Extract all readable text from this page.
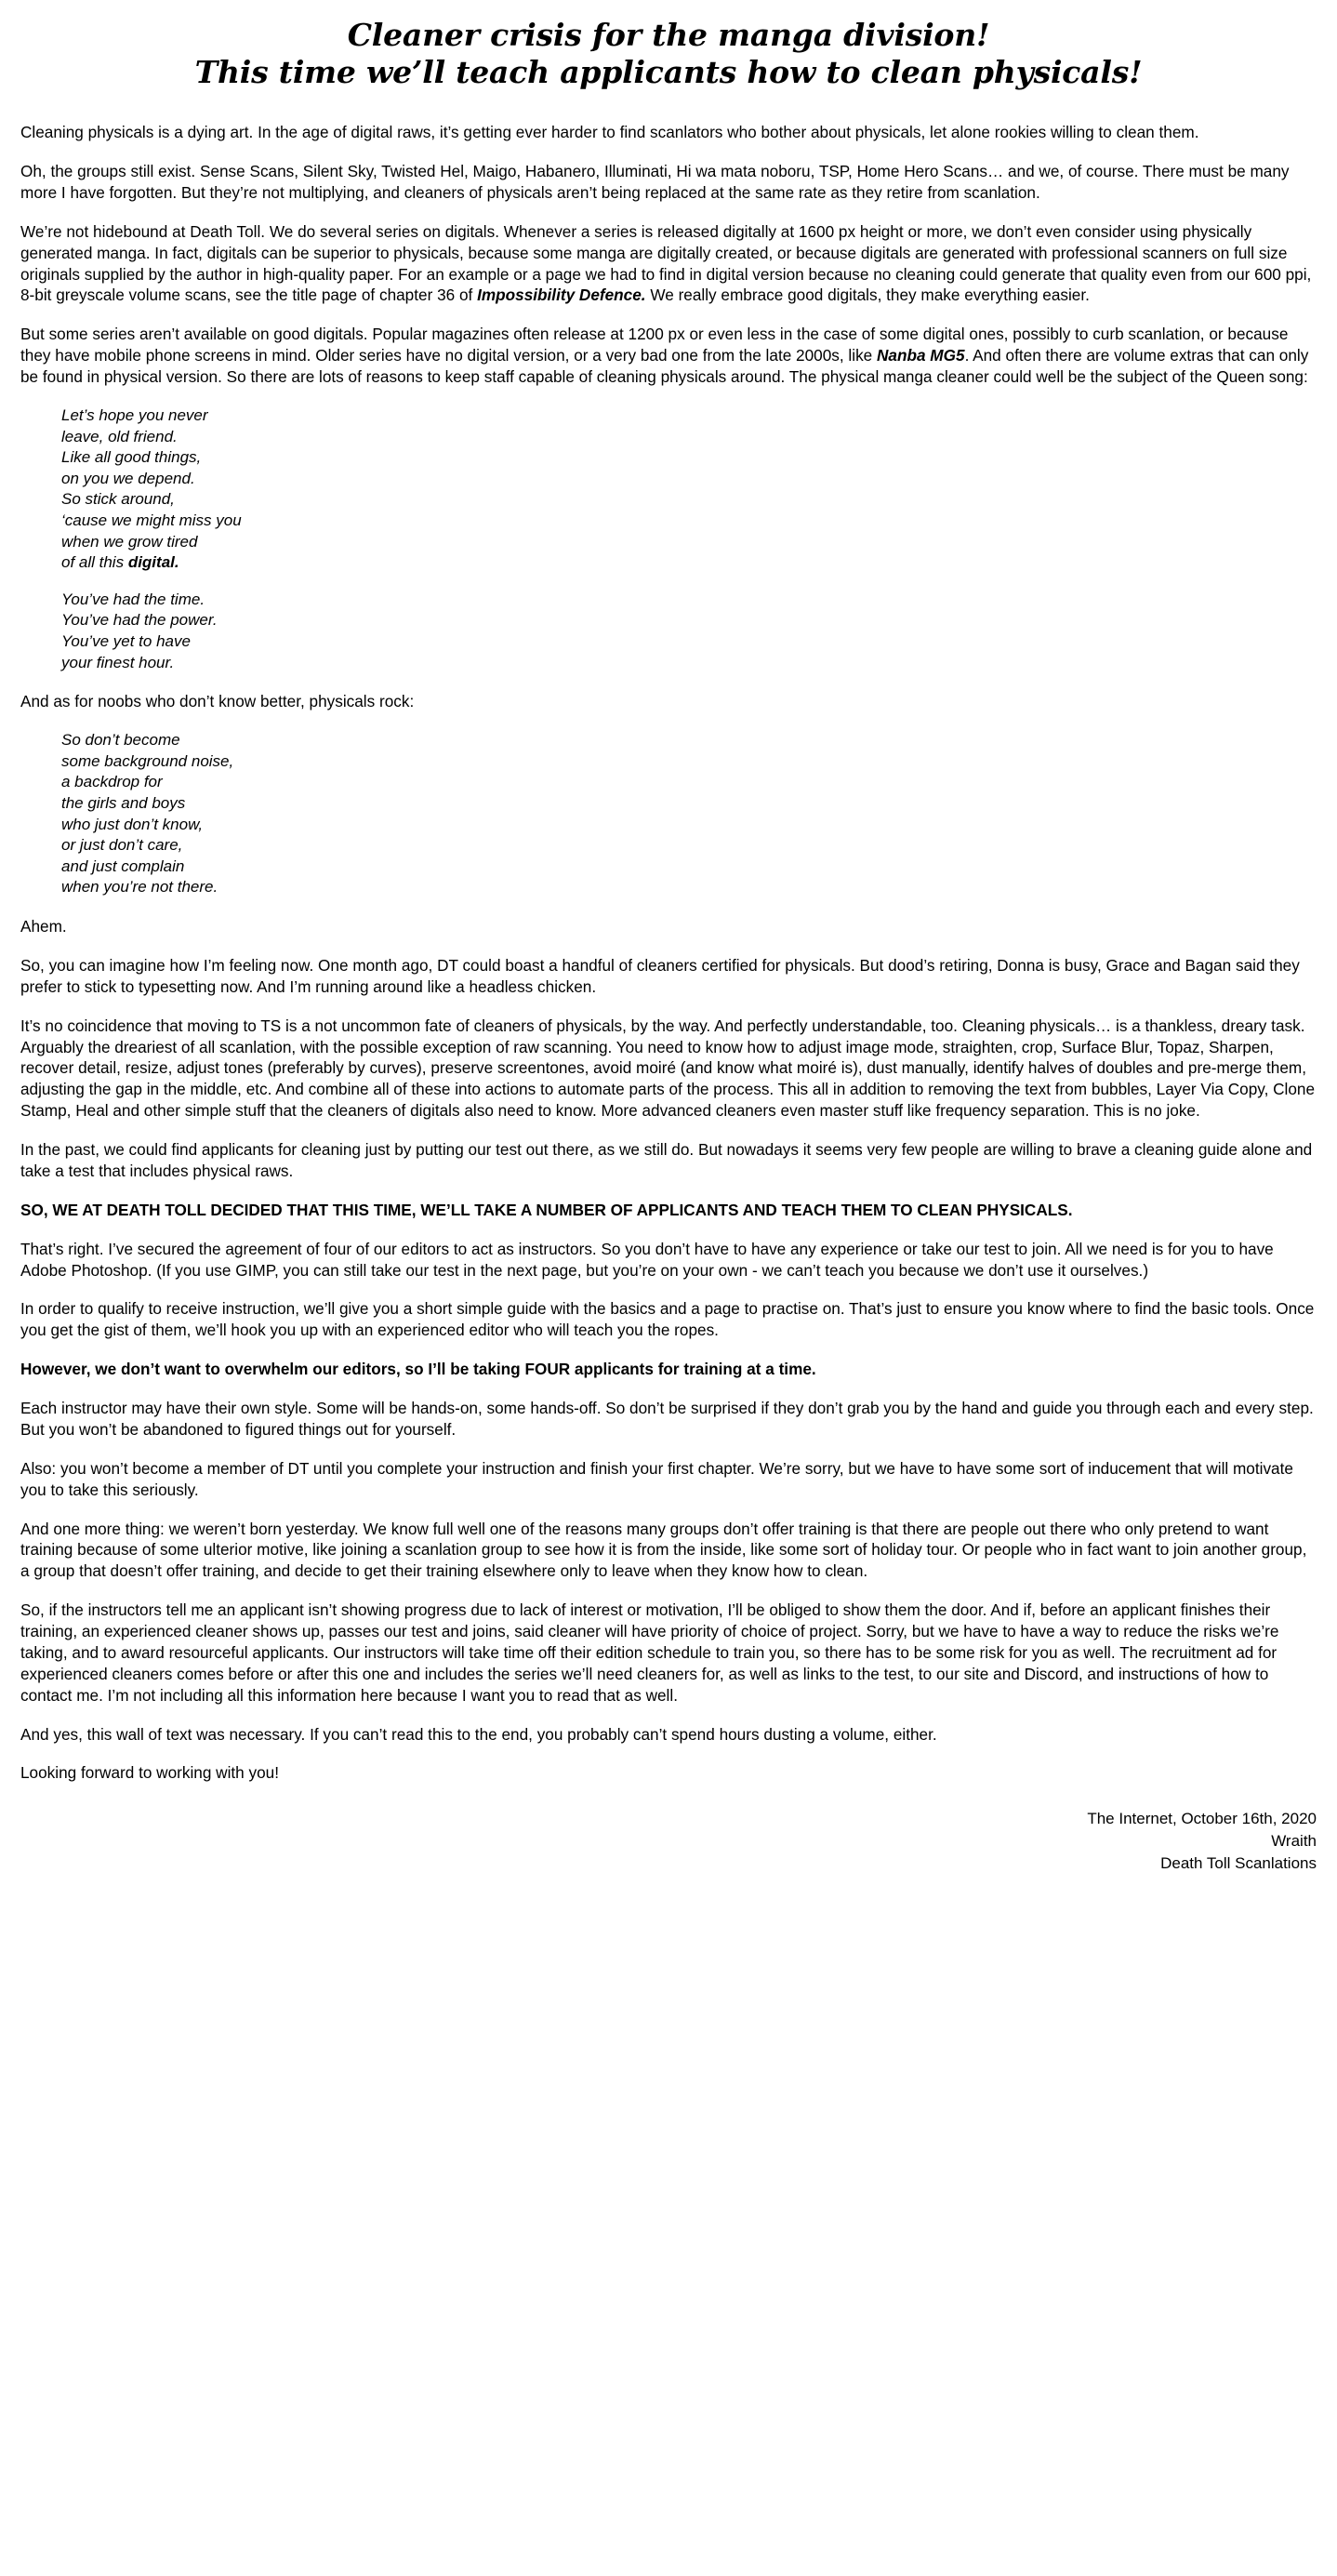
Cleaner crisis for the manga division!
This time we’ll teach applicants how to clean physicals!

Cleaning physicals is a dying art. In the age of digital raws, it’s getting ever harder to find scanlators who bother about physicals, let alone rookies willing to clean them.

Oh, the groups still exist. Sense Scans, Silent Sky, Twisted Hel, Maigo, Habanero, Illuminati, Hi wa mata noboru, TSP, Home Hero Scans… and we, of course. There must be many more I have forgotten. But they’re not multiplying, and cleaners of physicals aren’t being replaced at the same rate as they retire from scanlation.

We’re not hidebound at Death Toll. We do several series on digitals. Whenever a series is released digitally at 1600 px height or more, we don’t even consider using physically generated manga. In fact, digitals can be superior to physicals, because some manga are digitally created, or because digitals are generated with professional scanners on full size originals supplied by the author in high-quality paper. For an example or a page we had to find in digital version because no cleaning could generate that quality even from our 600 ppi, 8-bit greyscale volume scans, see the title page of chapter 36 of Impossibility Defence. We really embrace good digitals, they make everything easier.

But some series aren’t available on good digitals. Popular magazines often release at 1200 px or even less in the case of some digital ones, possibly to curb scanlation, or because they have mobile phone screens in mind. Older series have no digital version, or a very bad one from the late 2000s, like Nanba MG5. And often there are volume extras that can only be found in physical version. So there are lots of reasons to keep staff capable of cleaning physicals around. The physical manga cleaner could well be the subject of the Queen song:

Let’s hope you never
leave, old friend.
Like all good things,
on you we depend.
So stick around,
‘cause we might miss you
when we grow tired
of all this digital.
You’ve had the time.
You’ve had the power.
You’ve yet to have
your finest hour.

And as for noobs who don’t know better, physicals rock:

So don’t become
some background noise,
a backdrop for
the girls and boys
who just don’t know,
or just don’t care,
and just complain
when you’re not there.

Ahem.

So, you can imagine how I’m feeling now. One month ago, DT could boast a handful of cleaners certified for physicals. But dood’s retiring, Donna is busy, Grace and Bagan said they prefer to stick to typesetting now. And I’m running around like a headless chicken.

It’s no coincidence that moving to TS is a not uncommon fate of cleaners of physicals, by the way. And perfectly understandable, too. Cleaning physicals… is a thankless, dreary task. Arguably the dreariest of all scanlation, with the possible exception of raw scanning. You need to know how to adjust image mode, straighten, crop, Surface Blur, Topaz, Sharpen, recover detail, resize, adjust tones (preferably by curves), preserve screentones, avoid moiré (and know what moiré is), dust manually, identify halves of doubles and pre-merge them, adjusting the gap in the middle, etc. And combine all of these into actions to automate parts of the process. This all in addition to removing the text from bubbles, Layer Via Copy, Clone Stamp, Heal and other simple stuff that the cleaners of digitals also need to know. More advanced cleaners even master stuff like frequency separation. This is no joke.

In the past, we could find applicants for cleaning just by putting our test out there, as we still do. But nowadays it seems very few people are willing to brave a cleaning guide alone and take a test that includes physical raws.

SO, WE AT DEATH TOLL DECIDED THAT THIS TIME, WE’LL TAKE A NUMBER OF APPLICANTS AND TEACH THEM TO CLEAN PHYSICALS.

That’s right. I’ve secured the agreement of four of our editors to act as instructors. So you don’t have to have any experience or take our test to join. All we need is for you to have Adobe Photoshop. (If you use GIMP, you can still take our test in the next page, but you’re on your own - we can’t teach you because we don’t use it ourselves.)

In order to qualify to receive instruction, we’ll give you a short simple guide with the basics and a page to practise on. That’s just to ensure you know where to find the basic tools. Once you get the gist of them, we’ll hook you up with an experienced editor who will teach you the ropes.

However, we don’t want to overwhelm our editors, so I’ll be taking FOUR applicants for training at a time.

Each instructor may have their own style. Some will be hands-on, some hands-off. So don’t be surprised if they don’t grab you by the hand and guide you through each and every step. But you won’t be abandoned to figured things out for yourself.

Also: you won’t become a member of DT until you complete your instruction and finish your first chapter. We’re sorry, but we have to have some sort of inducement that will motivate you to take this seriously.

And one more thing: we weren’t born yesterday. We know full well one of the reasons many groups don’t offer training is that there are people out there who only pretend to want training because of some ulterior motive, like joining a scanlation group to see how it is from the inside, like some sort of holiday tour. Or people who in fact want to join another group, a group that doesn’t offer training, and decide to get their training elsewhere only to leave when they know how to clean.

So, if the instructors tell me an applicant isn’t showing progress due to lack of interest or motivation, I’ll be obliged to show them the door. And if, before an applicant finishes their training, an experienced cleaner shows up, passes our test and joins, said cleaner will have priority of choice of project. Sorry, but we have to have a way to reduce the risks we’re taking, and to award resourceful applicants. Our instructors will take time off their edition schedule to train you, so there has to be some risk for you as well. The recruitment ad for experienced cleaners comes before or after this one and includes the series we’ll need cleaners for, as well as links to the test, to our site and Discord, and instructions of how to contact me. I’m not including all this information here because I want you to read that as well.

And yes, this wall of text was necessary. If you can’t read this to the end, you probably can’t spend hours dusting a volume, either.

Looking forward to working with you!

The Internet, October 16th, 2020
Wraith
Death Toll Scanlations
